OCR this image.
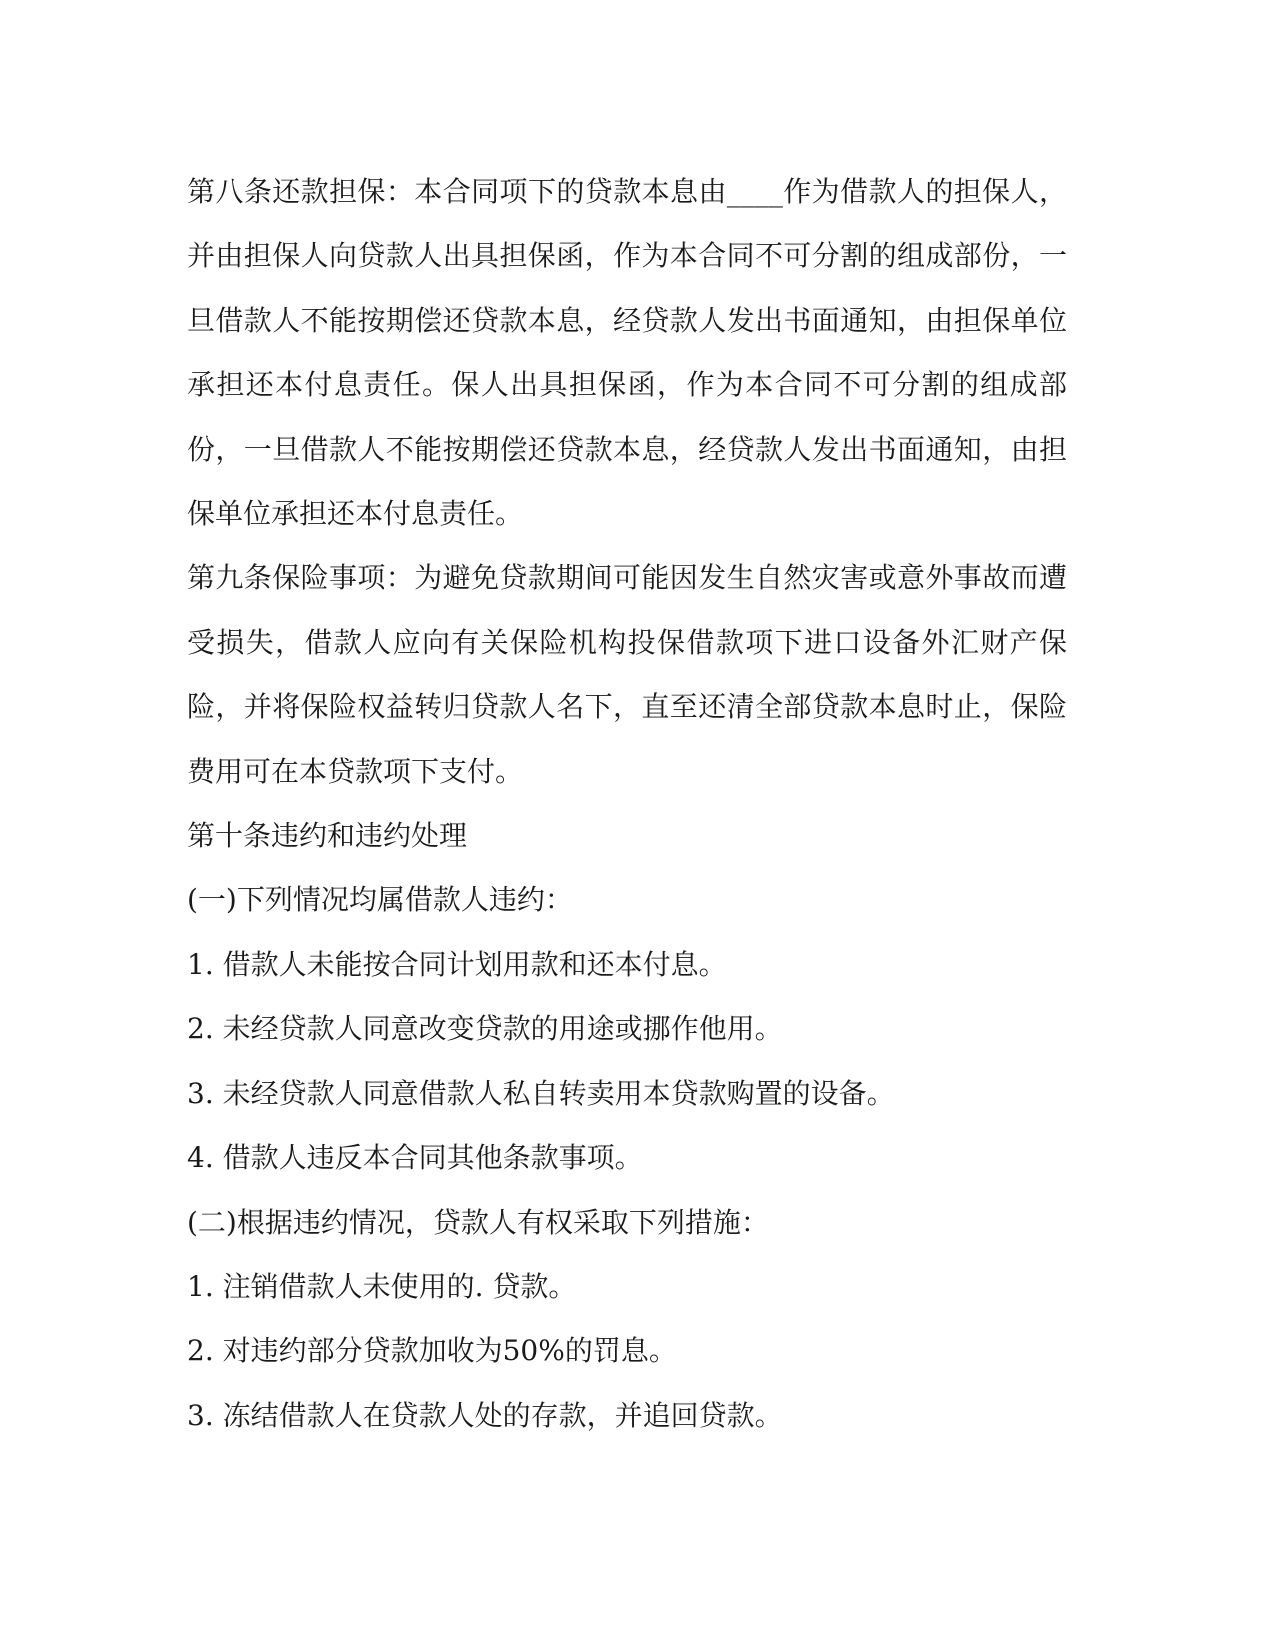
第八条还款担保：本合同项下的贷款本息由____作为借款人的担保人，并由担保人向贷款人出具担保函，作为本合同不可分割的组成部份，一旦借款人不能按期偿还贷款本息，经贷款人发出书面通知，由担保单位承担还本付息责任。保人出具担保函，作为本合同不可分割的组成部份，一旦借款人不能按期偿还贷款本息，经贷款人发出书面通知，由担保单位承担还本付息责任。

第九条保险事项：为避免贷款期间可能因发生自然灾害或意外事故而遭受损失，借款人应向有关保险机构投保借款项下进口设备外汇财产保险，并将保险权益转归贷款人名下，直至还清全部贷款本息时止，保险费用可在本贷款项下支付。

第十条违约和违约处理

(一)下列情况均属借款人违约：

1. 借款人未能按合同计划用款和还本付息。

2. 未经贷款人同意改变贷款的用途或挪作他用。

3. 未经贷款人同意借款人私自转卖用本贷款购置的设备。

4. 借款人违反本合同其他条款事项。

(二)根据违约情况，贷款人有权采取下列措施：

1. 注销借款人未使用的. 贷款。

2. 对违约部分贷款加收为50%的罚息。

3. 冻结借款人在贷款人处的存款，并追回贷款。
